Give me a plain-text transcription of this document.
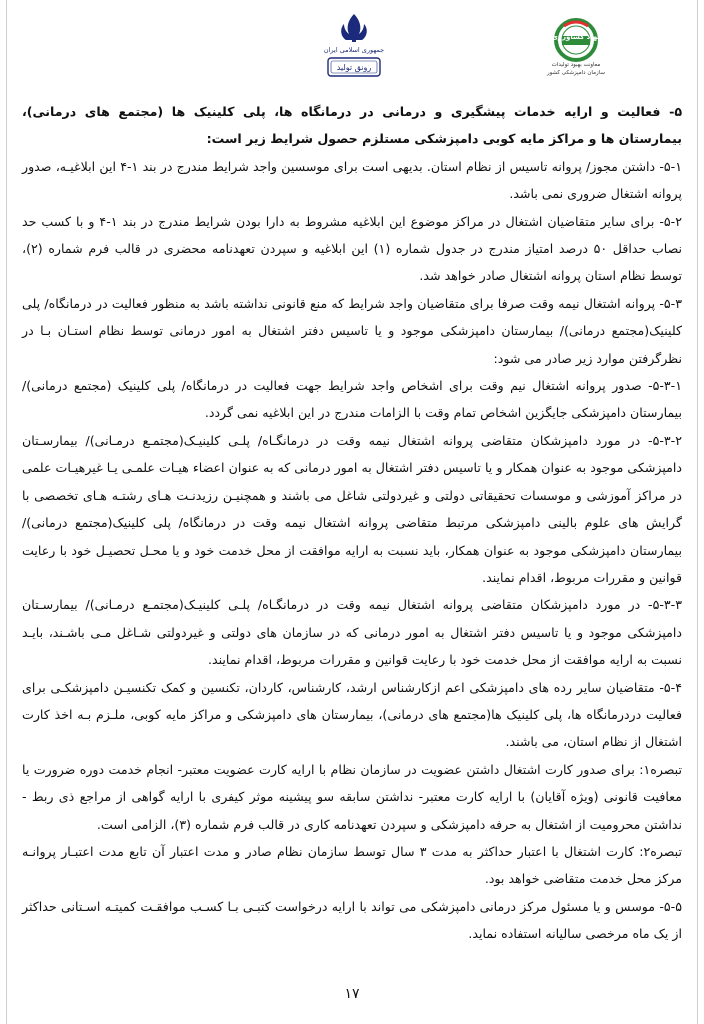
جمهوری اسلامی ایران
رونق تولید
جهاد کشاورزی
معاونت بهبود تولیدات
سازمان دامپزشکی کشور

۵- فعالیت و ارایه خدمات پیشگیری و درمانی در درمانگاه ها، پلی کلینیک ها (مجتمع های درمانی)، بیمارستان ها و مراکز مایه کوبی دامپزشکی مستلزم حصول شرایط زیر است:

۵-۱- داشتن مجوز/ پروانه تاسیس از نظام استان. بدیهی است برای موسسین واجد شرایط مندرج در بند ۱-۴ این ابلاغیـه، صدور پروانه اشتغال ضروری نمی باشد.

۵-۲- برای سایر متقاضیان اشتغال در مراکز موضوع این ابلاغیه مشروط به دارا بودن شرایط مندرج در بند ۱-۴ و با کسب حد نصاب حداقل ۵۰ درصد امتیاز مندرج در جدول شماره (۱) این ابلاغیه و سپردن تعهدنامه محضری در قالب فرم شماره (۲)، توسط نظام استان پروانه اشتغال صادر خواهد شد.

۵-۳- پروانه اشتغال نیمه وقت صرفا برای متقاضیان واجد شرایط که منع قانونی نداشته باشد به منظور فعالیت در درمانگاه/ پلی کلینیک(مجتمع درمانی)/ بیمارستان دامپزشکی موجود و یا تاسیس دفتر اشتغال به امور درمانی توسط نظام استـان بـا در نظرگرفتن موارد زیر صادر می شود:

۵-۳-۱- صدور پروانه اشتغال نیم وقت برای اشخاص واجد شرایط جهت فعالیت در درمانگاه/ پلی کلینیک (مجتمع درمانی)/ بیمارستان دامپزشکی جایگزین اشخاص تمام وقت با الزامات مندرج در این ابلاغیه نمی گردد.

۵-۳-۲- در مورد دامپزشکان متقاضی پروانه اشتغال نیمه وقت در درمانگـاه/ پلـی کلینیـک(مجتمـع درمـانی)/ بیمارسـتان دامپزشکی موجود به عنوان همکار و یا تاسیس دفتر اشتغال به امور درمانی که به عنوان اعضاء هیـات علمـی یـا غیرهیـات علمی در مراکز آموزشی و موسسات تحقیقاتی دولتی و غیردولتی شاغل می باشند و همچنیـن رزیدنـت هـای رشتـه هـای تخصصی با گرایش های علوم بالینی دامپزشکی مرتبط متقاضی پروانه اشتغال نیمه وقت در درمانگاه/ پلی کلینیک(مجتمع درمانی)/ بیمارستان دامپزشکی موجود به عنوان همکار، باید نسبت به ارایه موافقت از محل خدمت خود و یا محـل تحصیـل خود با رعایت قوانین و مقررات مربوط، اقدام نمایند.

۵-۳-۳- در مورد دامپزشکان متقاضی پروانه اشتغال نیمه وقت در درمانگـاه/ پلـی کلینیـک(مجتمـع درمـانی)/ بیمارسـتان دامپزشکی موجود و یا تاسیس دفتر اشتغال به امور درمانی که در سازمان های دولتی و غیردولتی شـاغل مـی باشـند، بایـد نسبت به ارایه موافقت از محل خدمت خود با رعایت قوانین و مقررات مربوط، اقدام نمایند.

۵-۴- متقاضیان سایر رده های دامپزشکی اعم ازکارشناس ارشد، کارشناس، کاردان، تکنسین و کمک تکنسیـن دامپزشکـی برای فعالیت دردرمانگاه ها، پلی کلینیک ها(مجتمع های درمانی)، بیمارستان های دامپزشکی و مراکز مایه کوبی، ملـزم بـه اخذ کارت اشتغال از نظام استان، می باشند.

تبصره۱: برای صدور کارت اشتغال داشتن عضویت در سازمان نظام با ارایه کارت عضویت معتبر- انجام خدمت دوره ضرورت یا معافیت قانونی (ویژه آقایان) با ارایه کارت معتبر- نداشتن سابقه سو پیشینه موثر کیفری با ارایه گواهی از مراجع ذی ربط - نداشتن محرومیت از اشتغال به حرفه دامپزشکی و سپردن تعهدنامه کاری در قالب فرم شماره (۳)، الزامی است.

تبصره۲: کارت اشتغال با اعتبار حداکثر به مدت ۳ سال توسط سازمان نظام صادر و مدت اعتبار آن تابع مدت اعتبـار پروانـه مرکز محل خدمت متقاضی خواهد بود.

۵-۵- موسس و یا مسئول مرکز درمانی دامپزشکی می تواند با ارایه درخواست کتبـی بـا کسـب موافقـت کمیتـه اسـتانی حداکثر از یک ماه مرخصی سالیانه استفاده نماید.

۱۷
